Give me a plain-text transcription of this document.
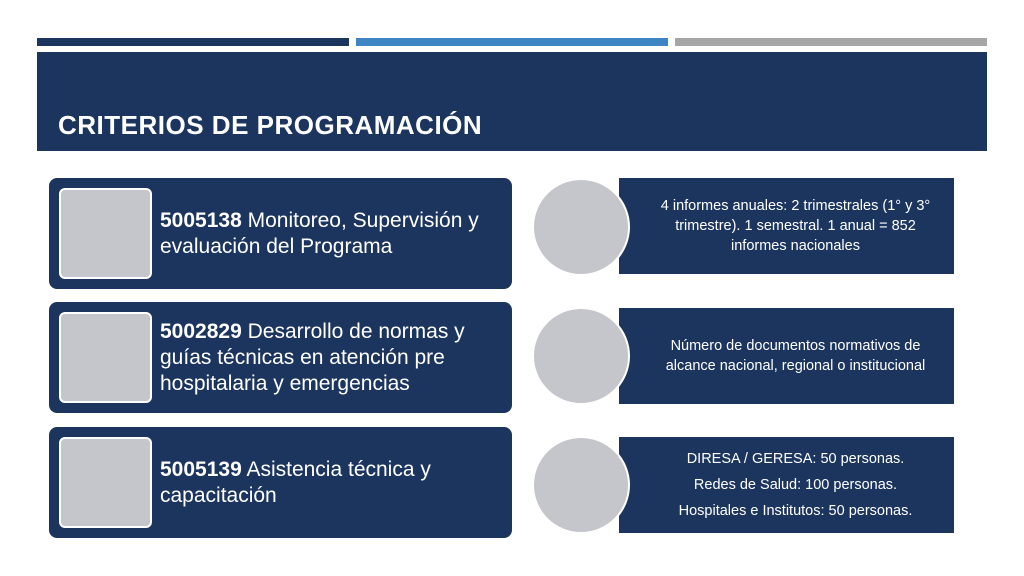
CRITERIOS DE PROGRAMACIÓN
5005138 Monitoreo, Supervisión y evaluación del Programa
5002829 Desarrollo de normas y guías técnicas en atención pre hospitalaria y emergencias
5005139 Asistencia técnica y capacitación
4 informes anuales: 2 trimestrales (1° y 3° trimestre). 1 semestral. 1 anual = 852 informes nacionales
Número de documentos normativos de alcance nacional, regional o institucional
DIRESA / GERESA: 50 personas.
Redes de Salud: 100 personas.
Hospitales e Institutos: 50 personas.
